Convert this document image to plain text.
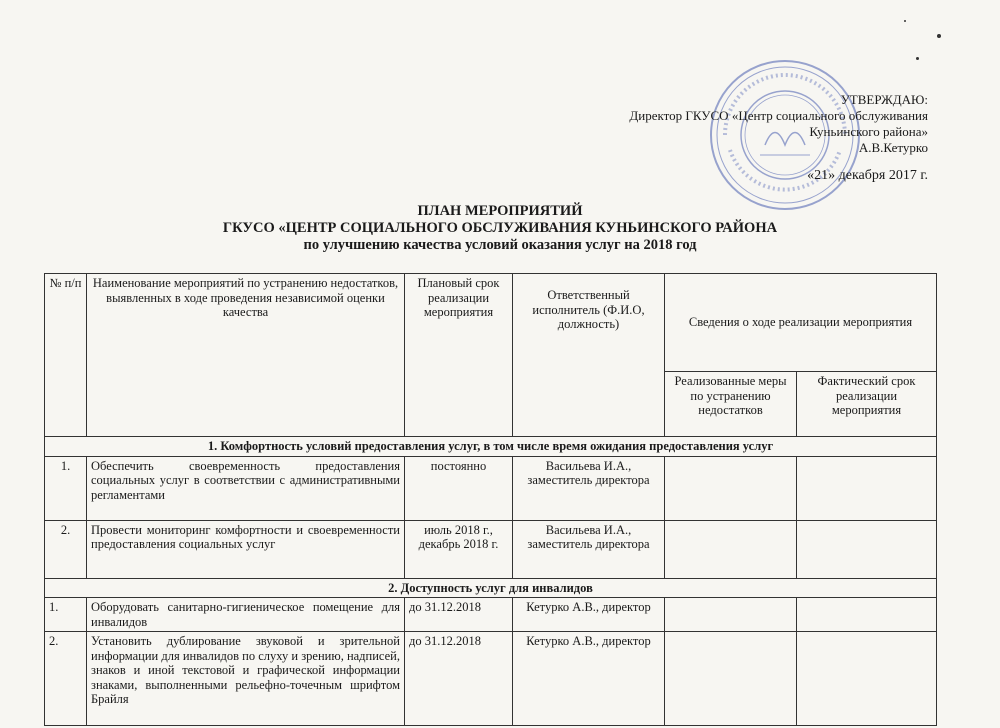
УТВЕРЖДАЮ:
Директор ГКУСО «Центр социального обслуживания
Куньинского района»
А.В.Кетурко
«21» декабря 2017 г.
ПЛАН МЕРОПРИЯТИЙ
ГКУСО «ЦЕНТР СОЦИАЛЬНОГО ОБСЛУЖИВАНИЯ КУНЬИНСКОГО РАЙОНА
по улучшению качества условий оказания услуг на 2018 год
№ п/п	Наименование мероприятий по устранению недостатков, выявленных в ходе проведения независимой оценки качества	Плановый срок реализации мероприятия	Ответственный исполнитель (Ф.И.О, должность)	Сведения о ходе реализации мероприятия	
				Реализованные меры по устранению недостатков	Фактический срок реализации мероприятия
1. Комфортность условий предоставления услуг, в том числе время ожидания предоставления услуг					
1.	Обеспечить своевременность предоставления социальных услуг в соответствии с административными регламентами	постоянно	Васильева И.А., заместитель директора		
2.	Провести мониторинг комфортности и своевременности предоставления социальных услуг	июль 2018 г., декабрь 2018 г.	Васильева И.А., заместитель директора		
2. Доступность услуг для инвалидов					
1.	Оборудовать санитарно-гигиеническое помещение для инвалидов	до 31.12.2018	Кетурко А.В., директор		
2.	Установить дублирование звуковой и зрительной информации для инвалидов по слуху и зрению, надписей, знаков и иной текстовой и графической информации знаками, выполненными рельефно-точечным шрифтом Брайля	до 31.12.2018	Кетурко А.В., директор		
